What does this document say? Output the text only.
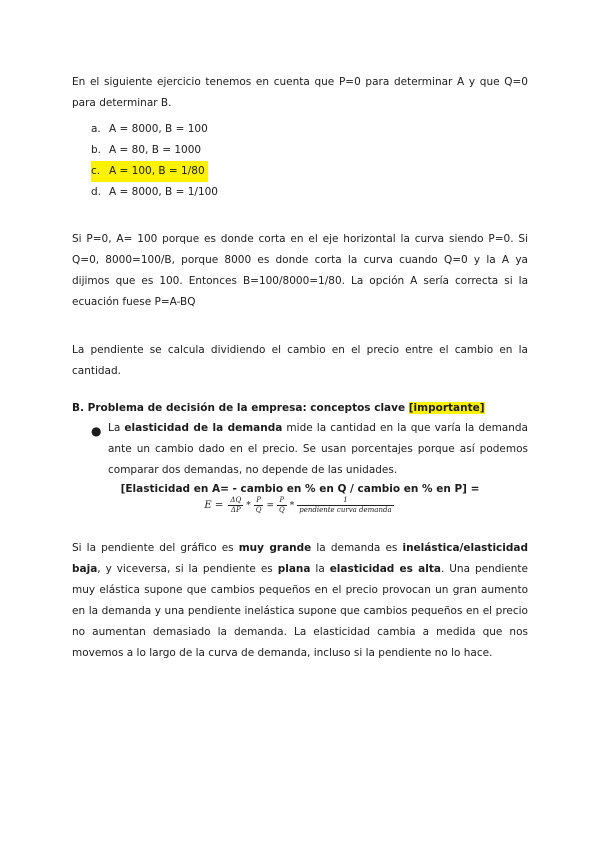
En el siguiente ejercicio tenemos en cuenta que P=0 para determinar A y que Q=0 para determinar B.

a. A = 8000, B = 100
b. A = 80, B = 1000
c. A = 100, B = 1/80
d. A = 8000, B = 1/100

Si P=0, A= 100 porque es donde corta en el eje horizontal la curva siendo P=0. Si Q=0, 8000=100/B, porque 8000 es donde corta la curva cuando Q=0 y la A ya dijimos que es 100. Entonces B=100/8000=1/80. La opción A sería correcta si la ecuación fuese P=A-BQ

La pendiente se calcula dividiendo el cambio en el precio entre el cambio en la cantidad.

B. Problema de decisión de la empresa: conceptos clave [importante]
● La elasticidad de la demanda mide la cantidad en la que varía la demanda ante un cambio dado en el precio. Se usan porcentajes porque así podemos comparar dos demandas, no depende de las unidades.

[Elasticidad en A= - cambio en % en Q / cambio en % en P] =
$E = \frac{\Delta Q}{\Delta P} * \frac{P}{Q} = \frac{P}{Q} * \frac{1}{\text{pendiente curva demanda}}$

Si la pendiente del gráfico es muy grande la demanda es inelástica/elasticidad baja, y viceversa, si la pendiente es plana la elasticidad es alta. Una pendiente muy elástica supone que cambios pequeños en el precio provocan un gran aumento en la demanda y una pendiente inelástica supone que cambios pequeños en el precio no aumentan demasiado la demanda. La elasticidad cambia a medida que nos movemos a lo largo de la curva de demanda, incluso si la pendiente no lo hace.
